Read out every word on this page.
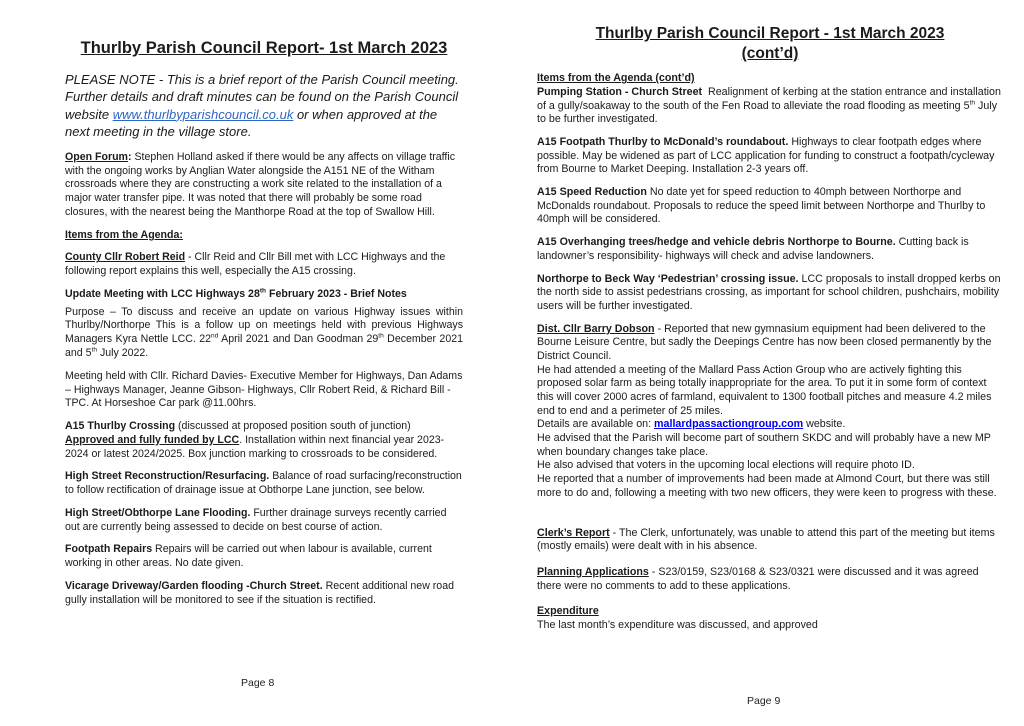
Thurlby Parish Council Report- 1st March 2023

PLEASE NOTE - This is a brief report of the Parish Council meeting. Further details and draft minutes can be found on the Parish Council website www.thurlbyparishcouncil.co.uk or when approved at the next meeting in the village store.

Open Forum: Stephen Holland asked if there would be any affects on village traffic with the ongoing works by Anglian Water alongside the A151 NE of the Witham crossroads where they are constructing a work site related to the installation of a major water transfer pipe. It was noted that there will probably be some road closures, with the nearest being the Manthorpe Road at the top of Swallow Hill.

Items from the Agenda:

County Cllr Robert Reid - Cllr Reid and Cllr Bill met with LCC Highways and the following report explains this well, especially the A15 crossing.

Update Meeting with LCC Highways 28th February 2023 - Brief Notes

Purpose – To discuss and receive an update on various Highway issues within Thurlby/Northorpe This is a follow up on meetings held with previous Highways Managers Kyra Nettle LCC. 22nd April 2021 and Dan Goodman 29th December 2021 and 5th July 2022.

Meeting held with Cllr. Richard Davies- Executive Member for Highways, Dan Adams – Highways Manager, Jeanne Gibson- Highways, Cllr Robert Reid, & Richard Bill - TPC. At Horseshoe Car park @11.00hrs.

A15 Thurlby Crossing (discussed at proposed position south of junction) Approved and fully funded by LCC. Installation within next financial year 2023-2024 or latest 2024/2025. Box junction marking to crossroads to be considered.

High Street Reconstruction/Resurfacing. Balance of road surfacing/reconstruction to follow rectification of drainage issue at Obthorpe Lane junction, see below.

High Street/Obthorpe Lane Flooding. Further drainage surveys recently carried out are currently being assessed to decide on best course of action.

Footpath Repairs Repairs will be carried out when labour is available, current working in other areas. No date given.

Vicarage Driveway/Garden flooding -Church Street. Recent additional new road gully installation will be monitored to see if the situation is rectified.

Thurlby Parish Council Report - 1st March 2023
(cont’d)

Items from the Agenda (cont’d)

Pumping Station - Church Street  Realignment of kerbing at the station entrance and installation of a gully/soakaway to the south of the Fen Road to alleviate the road flooding as meeting 5th July to be further investigated.

A15 Footpath Thurlby to McDonald’s roundabout. Highways to clear footpath edges where possible. May be widened as part of LCC application for funding to construct a footpath/cycleway from Bourne to Market Deeping. Installation 2-3 years off.

A15 Speed Reduction No date yet for speed reduction to 40mph between Northorpe and McDonalds roundabout. Proposals to reduce the speed limit between Northorpe and Thurlby to 40mph will be considered.

A15 Overhanging trees/hedge and vehicle debris Northorpe to Bourne. Cutting back is landowner’s responsibility- highways will check and advise landowners.

Northorpe to Beck Way ‘Pedestrian’ crossing issue. LCC proposals to install dropped kerbs on the north side to assist pedestrians crossing, as important for school children, pushchairs, mobility users will be further investigated.

Dist. Cllr Barry Dobson - Reported that new gymnasium equipment had been delivered to the Bourne Leisure Centre, but sadly the Deepings Centre has now been closed permanently by the District Council.

He had attended a meeting of the Mallard Pass Action Group who are actively fighting this proposed solar farm as being totally inappropriate for the area. To put it in some form of context this will cover 2000 acres of farmland, equivalent to 1300 football pitches and measure 4.2 miles end to end and a perimeter of 25 miles.

Details are available on: mallardpassactiongroup.com website.

He advised that the Parish will become part of southern SKDC and will probably have a new MP when boundary changes take place.

He also advised that voters in the upcoming local elections will require photo ID.

He reported that a number of improvements had been made at Almond Court, but there was still more to do and, following a meeting with two new officers, they were keen to progress with these.

Clerk’s Report - The Clerk, unfortunately, was unable to attend this part of the meeting but items (mostly emails) were dealt with in his absence.

Planning Applications - S23/0159, S23/0168 & S23/0321 were discussed and it was agreed there were no comments to add to these applications.

Expenditure

The last month’s expenditure was discussed, and approved

Page 8
Page 9
